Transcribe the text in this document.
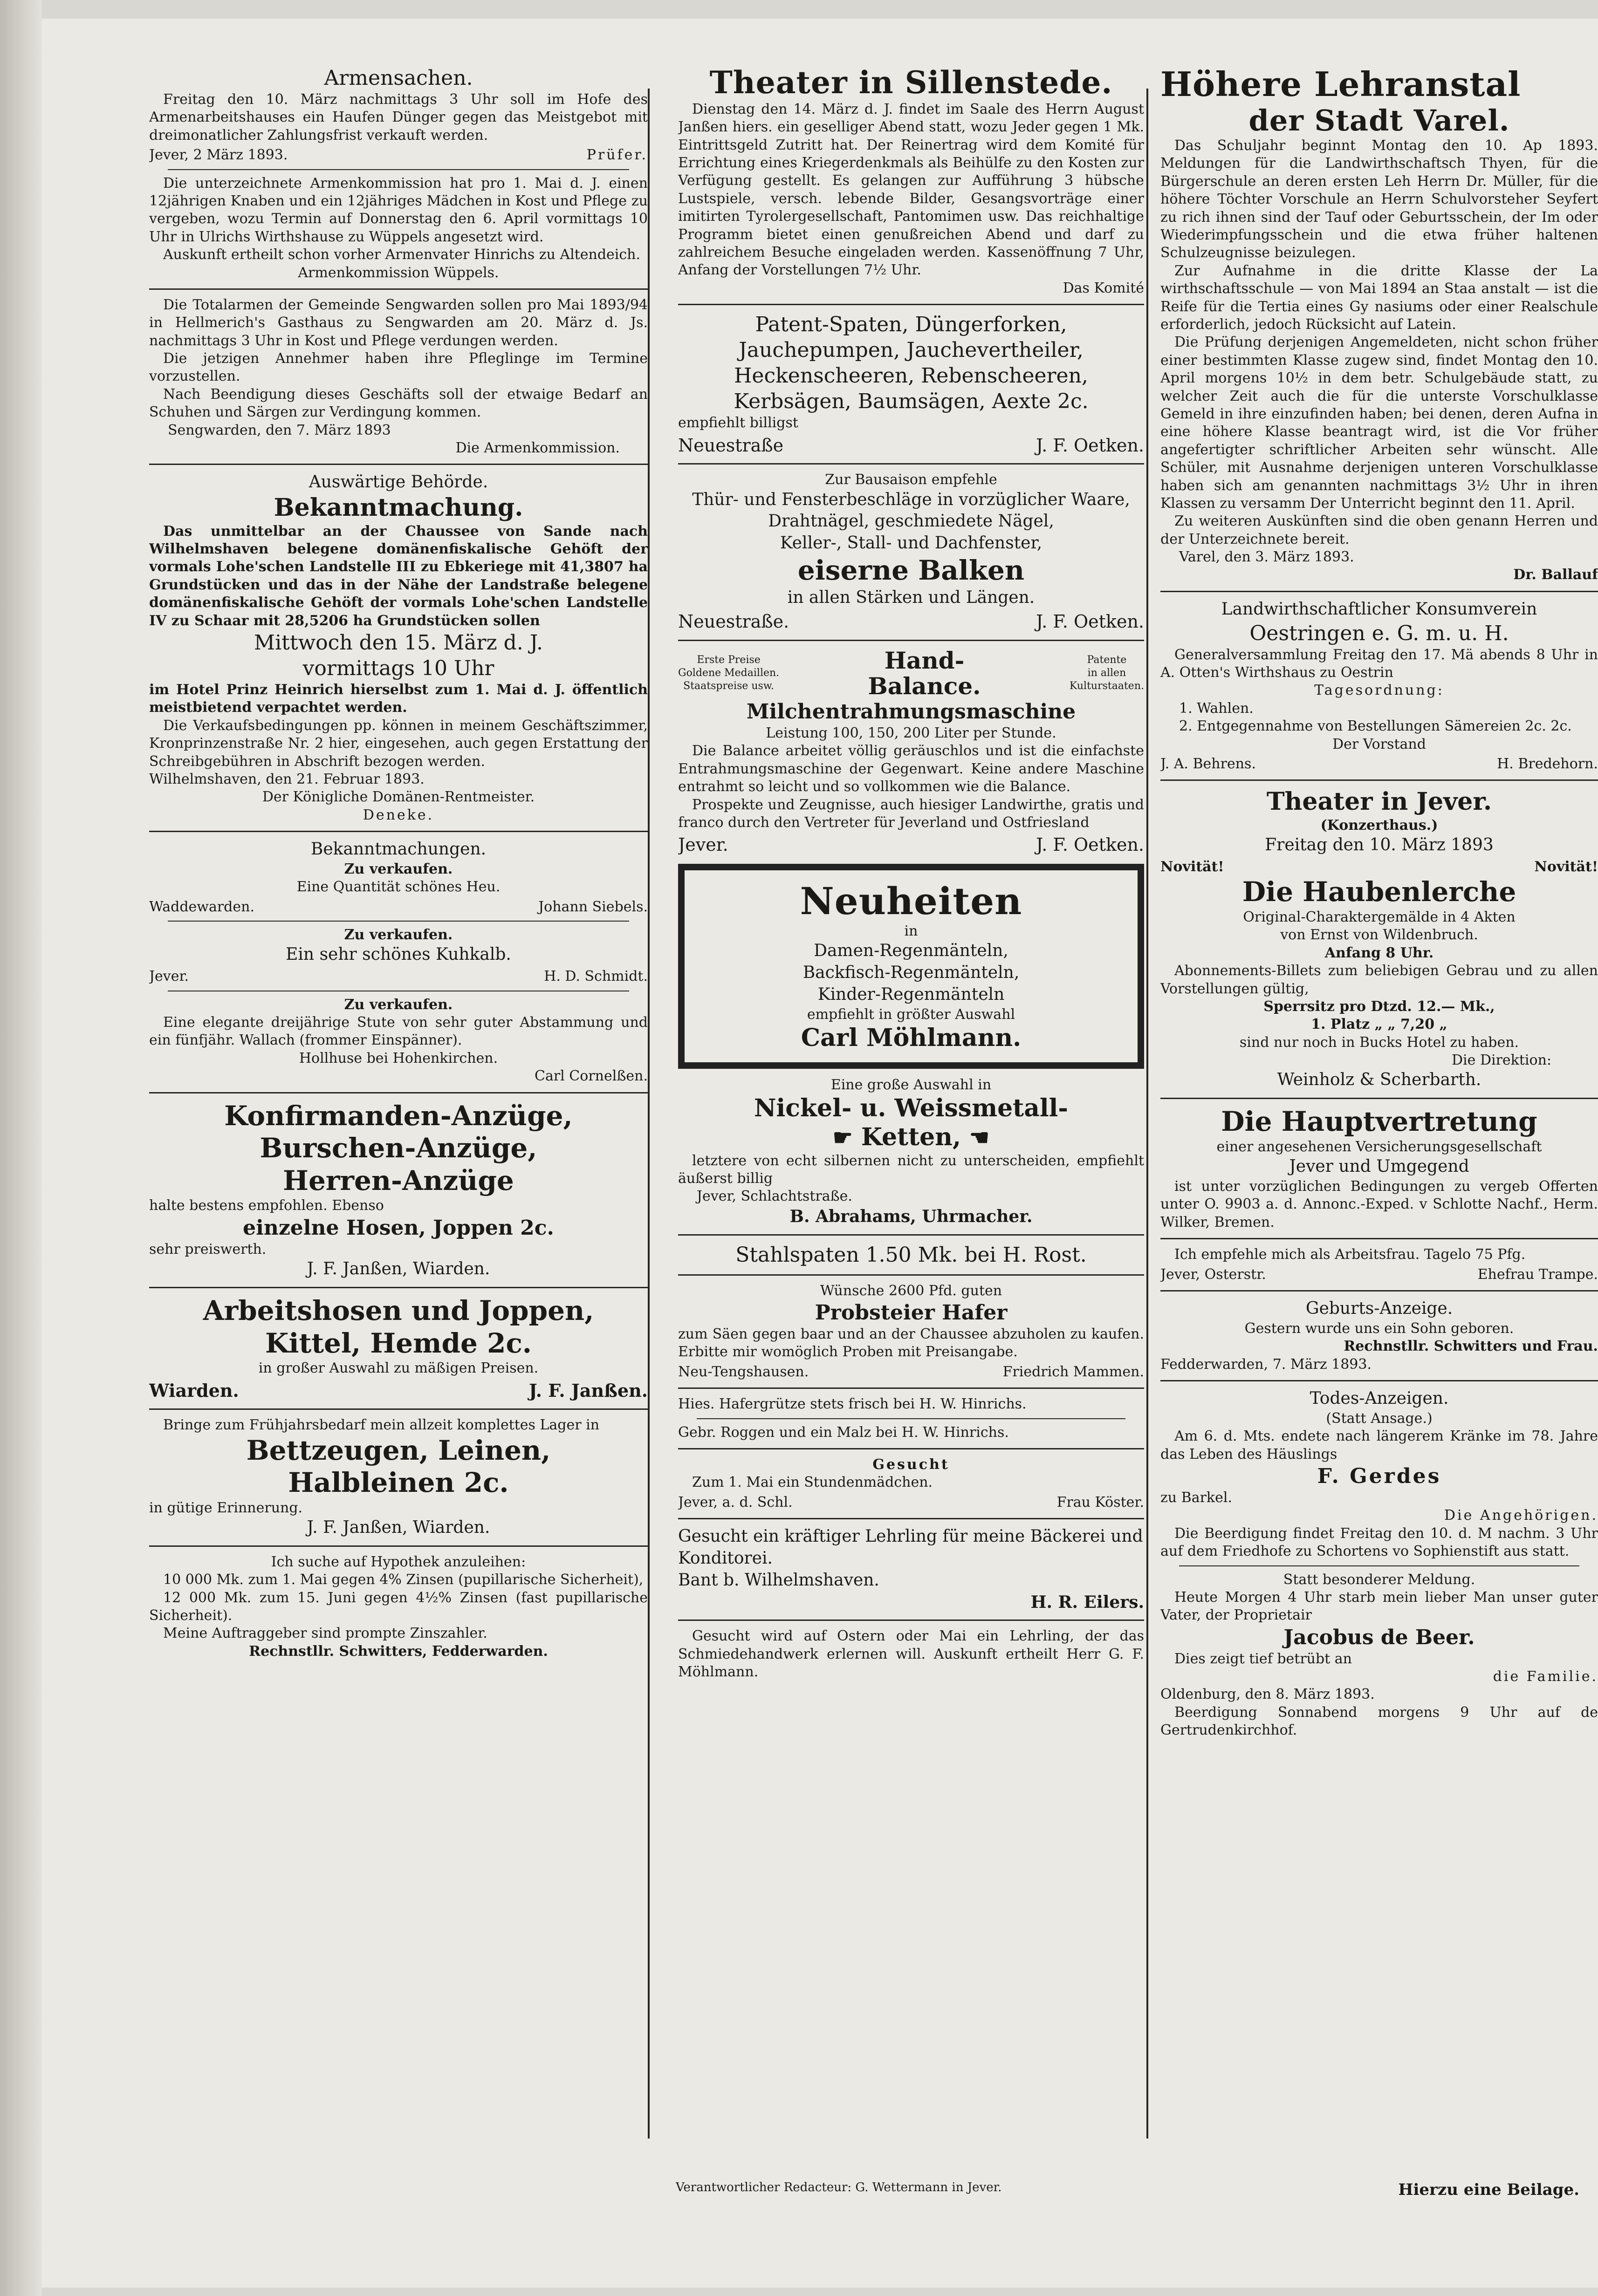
Armensachen.

Freitag den 10. März nachmittags 3 Uhr soll im Hofe des Armenarbeitshauses ein Haufen Dünger gegen das Meistgebot mit dreimonatlicher Zahlungsfrist verkauft werden.

Jever, 2 März 1893.	Prüfer.

Die unterzeichnete Armenkommission hat pro 1. Mai d. J. einen 12jährigen Knaben und ein 12jähriges Mädchen in Kost und Pflege zu vergeben, wozu Termin auf Donnerstag den 6. April vormittags 10 Uhr in Ulrichs Wirthshause zu Wüppels angesetzt wird.

Auskunft ertheilt schon vorher Armenvater Hinrichs zu Altendeich.

Armenkommission Wüppels.

Die Totalarmen der Gemeinde Sengwarden sollen pro Mai 1893/94 in Hellmerich's Gasthaus zu Sengwarden am 20. März d. Js. nachmittags 3 Uhr in Kost und Pflege verdungen werden.

Die jetzigen Annehmer haben ihre Pfleglinge im Termine vorzustellen.

Nach Beendigung dieses Geschäfts soll der etwaige Bedarf an Schuhen und Särgen zur Verdingung kommen.

Sengwarden, den 7. März 1893

Die Armenkommission.

Auswärtige Behörde.
Bekanntmachung.

Das unmittelbar an der Chaussee von Sande nach Wilhelmshaven belegene domänenfiskalische Gehöft der vormals Lohe'schen Landstelle III zu Ebkeriege mit 41,3807 ha Grundstücken und das in der Nähe der Landstraße belegene domänenfiskalische Gehöft der vormals Lohe'schen Landstelle IV zu Schaar mit 28,5206 ha Grundstücken sollen

Mittwoch den 15. März d. J.
vormittags 10 Uhr

im Hotel Prinz Heinrich hierselbst zum 1. Mai d. J. öffentlich meistbietend verpachtet werden.

Die Verkaufsbedingungen pp. können in meinem Geschäftszimmer, Kronprinzenstraße Nr. 2 hier, eingesehen, auch gegen Erstattung der Schreibgebühren in Abschrift bezogen werden.

Wilhelmshaven, den 21. Februar 1893.

Der Königliche Domänen-Rentmeister.

Deneke.

Bekanntmachungen.

Zu verkaufen.

Eine Quantität schönes Heu.

Waddewarden.	Johann Siebels.

Zu verkaufen.

Ein sehr schönes Kuhkalb.
Jever.	H. D. Schmidt.

Zu verkaufen.

Eine elegante dreijährige Stute von sehr guter Abstammung und ein fünfjähr. Wallach (frommer Einspänner).

Hollhuse bei Hohenkirchen.

Carl Cornelßen.

Konfirmanden-Anzüge,
Burschen-Anzüge,
Herren-Anzüge

halte bestens empfohlen. Ebenso

einzelne Hosen, Joppen 2c.

sehr preiswerth.

J. F. Janßen, Wiarden.
Arbeitshosen und Joppen,
Kittel, Hemde 2c.

in großer Auswahl zu mäßigen Preisen.

Wiarden.	J. F. Janßen.

Bringe zum Frühjahrsbedarf mein allzeit komplettes Lager in

Bettzeugen, Leinen,
Halbleinen 2c.

in gütige Erinnerung.

J. F. Janßen, Wiarden.

Ich suche auf Hypothek anzuleihen:

10 000 Mk. zum 1. Mai gegen 4% Zinsen (pupillarische Sicherheit),

12 000 Mk. zum 15. Juni gegen 4½% Zinsen (fast pupillarische Sicherheit).

Meine Auftraggeber sind prompte Zinszahler.

Rechnstllr. Schwitters, Fedderwarden.

Theater in Sillenstede.

Dienstag den 14. März d. J. findet im Saale des Herrn August Janßen hiers. ein geselliger Abend statt, wozu Jeder gegen 1 Mk. Eintrittsgeld Zutritt hat. Der Reinertrag wird dem Komité für Errichtung eines Kriegerdenkmals als Beihülfe zu den Kosten zur Verfügung gestellt. Es gelangen zur Aufführung 3 hübsche Lustspiele, versch. lebende Bilder, Gesangsvorträge einer imitirten Tyrolergesellschaft, Pantomimen usw. Das reichhaltige Programm bietet einen genußreichen Abend und darf zu zahlreichem Besuche eingeladen werden. Kassenöffnung 7 Uhr, Anfang der Vorstellungen 7½ Uhr.

Das Komité

Patent-Spaten, Düngerforken,
Jauchepumpen, Jauchevertheiler,
Heckenscheeren, Rebenscheeren,
Kerbsägen, Baumsägen, Aexte 2c.

empfiehlt billigst

Neuestraße	J. F. Oetken.

Zur Bausaison empfehle

Thür- und Fensterbeschläge in vorzüglicher Waare,
Drahtnägel, geschmiedete Nägel,
Keller-, Stall- und Dachfenster,
eiserne Balken
in allen Stärken und Längen.
Neuestraße.	J. F. Oetken.
Erste Preise
Goldene Medaillen.
Staatspreise usw.
Hand-
Balance.
Patente
in allen
Kulturstaaten.
Milchentrahmungsmaschine

Leistung 100, 150, 200 Liter per Stunde.

Die Balance arbeitet völlig geräuschlos und ist die einfachste Entrahmungsmaschine der Gegenwart. Keine andere Maschine entrahmt so leicht und so vollkommen wie die Balance.

Prospekte und Zeugnisse, auch hiesiger Landwirthe, gratis und franco durch den Vertreter für Jeverland und Ostfriesland

Jever.	J. F. Oetken.
Neuheiten

in

Damen-Regenmänteln,
Backfisch-Regenmänteln,
Kinder-Regenmänteln

empfiehlt in größter Auswahl

Carl Möhlmann.

Eine große Auswahl in

Nickel- u. Weissmetall-
☛ Ketten, ☛

letztere von echt silbernen nicht zu unterscheiden, empfiehlt äußerst billig

Jever, Schlachtstraße.

B. Abrahams, Uhrmacher.
Stahlspaten 1.50 Mk. bei H. Rost.

Wünsche 2600 Pfd. guten

Probsteier Hafer

zum Säen gegen baar und an der Chaussee abzuholen zu kaufen. Erbitte mir womöglich Proben mit Preisangabe.

Neu-Tengshausen.	Friedrich Mammen.

Hies. Hafergrütze stets frisch bei H. W. Hinrichs.

Gebr. Roggen und ein Malz bei H. W. Hinrichs.

Gesucht

Zum 1. Mai ein Stundenmädchen.

Jever, a. d. Schl.	Frau Köster.
Gesucht ein kräftiger Lehrling für meine Bäckerei und Konditorei.
Bant b. Wilhelmshaven.
H. R. Eilers.

Gesucht wird auf Ostern oder Mai ein Lehrling, der das Schmiedehandwerk erlernen will. Auskunft ertheilt Herr G. F. Möhlmann.

Höhere Lehranstal
der Stadt Varel.

Das Schuljahr beginnt Montag den 10. Ap 1893. Meldungen für die Landwirthschaftsch Thyen, für die Bürgerschule an deren ersten Leh Herrn Dr. Müller, für die höhere Töchter Vorschule an Herrn Schulvorsteher Seyfert zu rich ihnen sind der Tauf oder Geburtsschein, der Im oder Wiederimpfungsschein und die etwa früher haltenen Schulzeugnisse beizulegen.

Zur Aufnahme in die dritte Klasse der La wirthschaftsschule — von Mai 1894 an Staa anstalt — ist die Reife für die Tertia eines Gy nasiums oder einer Realschule erforderlich, jedoch Rücksicht auf Latein.

Die Prüfung derjenigen Angemeldeten, nicht schon früher einer bestimmten Klasse zugew sind, findet Montag den 10. April morgens 10½ in dem betr. Schulgebäude statt, zu welcher Zeit auch die für die unterste Vorschulklasse Gemeld in ihre einzufinden haben; bei denen, deren Aufna in eine höhere Klasse beantragt wird, ist die Vor früher angefertigter schriftlicher Arbeiten sehr wünscht. Alle Schüler, mit Ausnahme derjenigen unteren Vorschulklasse haben sich am genannten nachmittags 3½ Uhr in ihren Klassen zu versamm Der Unterricht beginnt den 11. April.

Zu weiteren Auskünften sind die oben genann Herren und der Unterzeichnete bereit.

Varel, den 3. März 1893.

Dr. Ballauf

Landwirthschaftlicher Konsumverein
Oestringen e. G. m. u. H.

Generalversammlung Freitag den 17. Mä abends 8 Uhr in A. Otten's Wirthshaus zu Oestrin

Tagesordnung:

1. Wahlen.

2. Entgegennahme von Bestellungen Sämereien 2c. 2c.

Der Vorstand

J. A. Behrens.	H. Bredehorn.
Theater in Jever.

(Konzerthaus.)

Freitag den 10. März 1893
Novität!	Novität!
Die Haubenlerche

Original-Charaktergemälde in 4 Akten

von Ernst von Wildenbruch.

Anfang 8 Uhr.

Abonnements-Billets zum beliebigen Gebrau und zu allen Vorstellungen gültig,

Sperrsitz pro Dtzd. 12.— Mk.,

1. Platz „ „ 7,20 „

sind nur noch in Bucks Hotel zu haben.

Die Direktion:

Weinholz & Scherbarth.
Die Hauptvertretung

einer angesehenen Versicherungsgesellschaft

Jever und Umgegend

ist unter vorzüglichen Bedingungen zu vergeb Offerten unter O. 9903 a. d. Annonc.-Exped. v Schlotte Nachf., Herm. Wilker, Bremen.

Ich empfehle mich als Arbeitsfrau. Tagelo 75 Pfg.

Jever, Osterstr.	Ehefrau Trampe.
Geburts-Anzeige.

Gestern wurde uns ein Sohn geboren.

Rechnstllr. Schwitters und Frau.

Fedderwarden, 7. März 1893.

Todes-Anzeigen.

(Statt Ansage.)

Am 6. d. Mts. endete nach längerem Kränke im 78. Jahre das Leben des Häuslings

F. Gerdes

zu Barkel.

Die Angehörigen.

Die Beerdigung findet Freitag den 10. d. M nachm. 3 Uhr auf dem Friedhofe zu Schortens vo Sophienstift aus statt.

Statt besonderer Meldung.

Heute Morgen 4 Uhr starb mein lieber Man unser guter Vater, der Proprietair

Jacobus de Beer.

Dies zeigt tief betrübt an

die Familie.

Oldenburg, den 8. März 1893.

Beerdigung Sonnabend morgens 9 Uhr auf de Gertrudenkirchhof.

Verantwortlicher Redacteur: G. Wettermann in Jever.	Hierzu eine Beilage.
